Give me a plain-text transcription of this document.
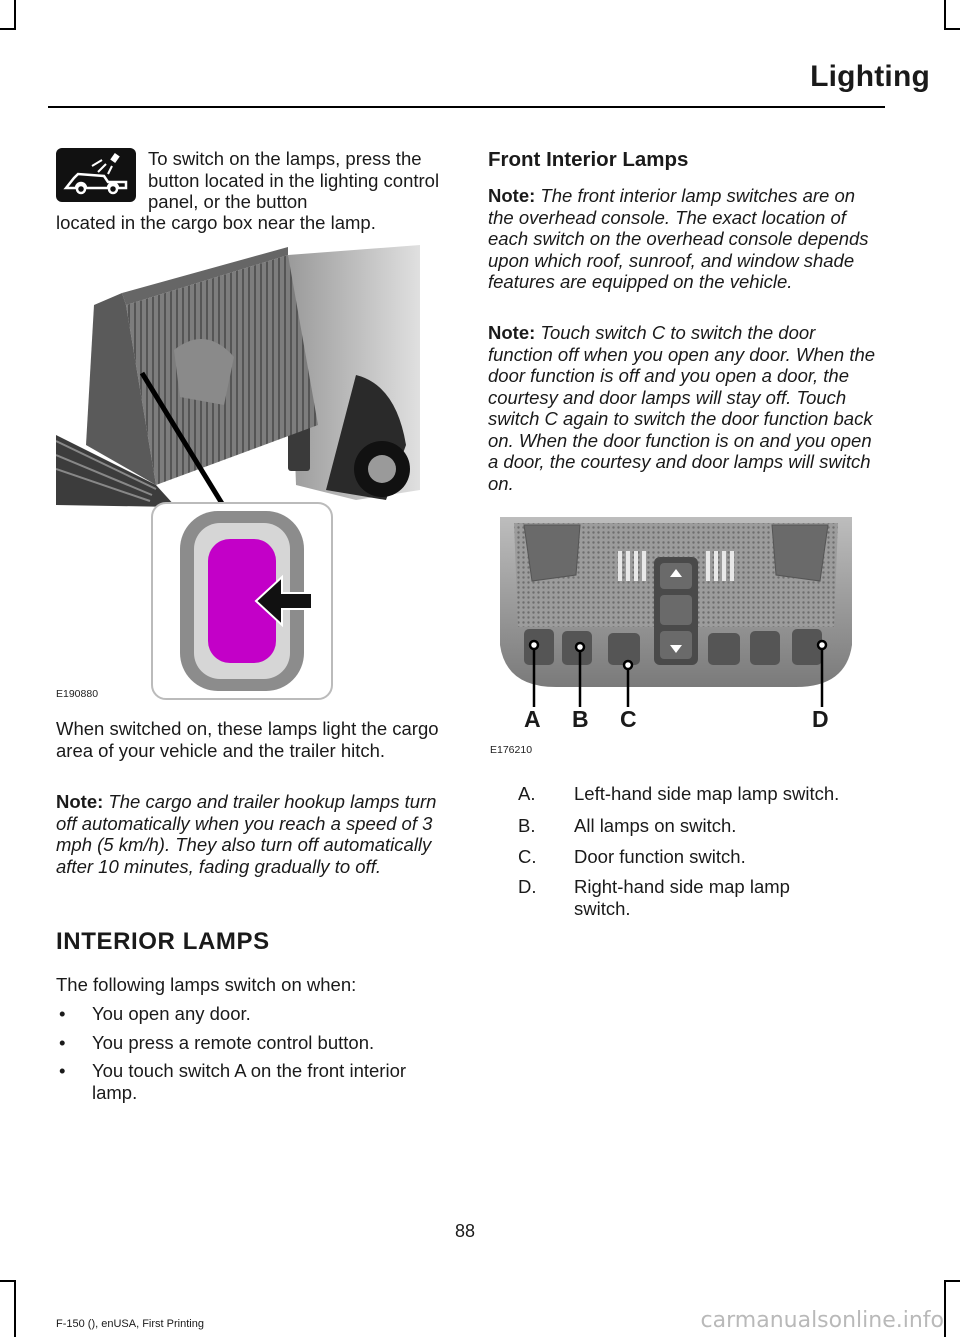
Lighting

To switch on the lamps, press the button located in the lighting control panel, or the button

located in the cargo box near the lamp.

E190880

When switched on, these lamps light the cargo area of your vehicle and the trailer hitch.

Note: The cargo and trailer hookup lamps turn off automatically when you reach a speed of 3 mph (5 km/h). They also turn off automatically after 10 minutes, fading gradually to off.

INTERIOR LAMPS

The following lamps switch on when:

•	You open any door.
•	You press a remote control button.
•	You touch switch A on the front interior lamp.
Front Interior Lamps

Note: The front interior lamp switches are on the overhead console. The exact location of each switch on the overhead console depends upon which roof, sunroof, and window shade features are equipped on the vehicle.

Note: Touch switch C to switch the door function off when you open any door. When the door function is off and you open a door, the courtesy and door lamps will stay off. Touch switch C again to switch the door function back on. When the door function is on and you open a door, the courtesy and door lamps will switch on.

A B C	D
E176210
A.	Left-hand side map lamp switch.
B.	All lamps on switch.
C.	Door function switch.
D.	Right-hand side map lamp switch.
88
F-150 (), enUSA, First Printing	carmanualsonline.info
